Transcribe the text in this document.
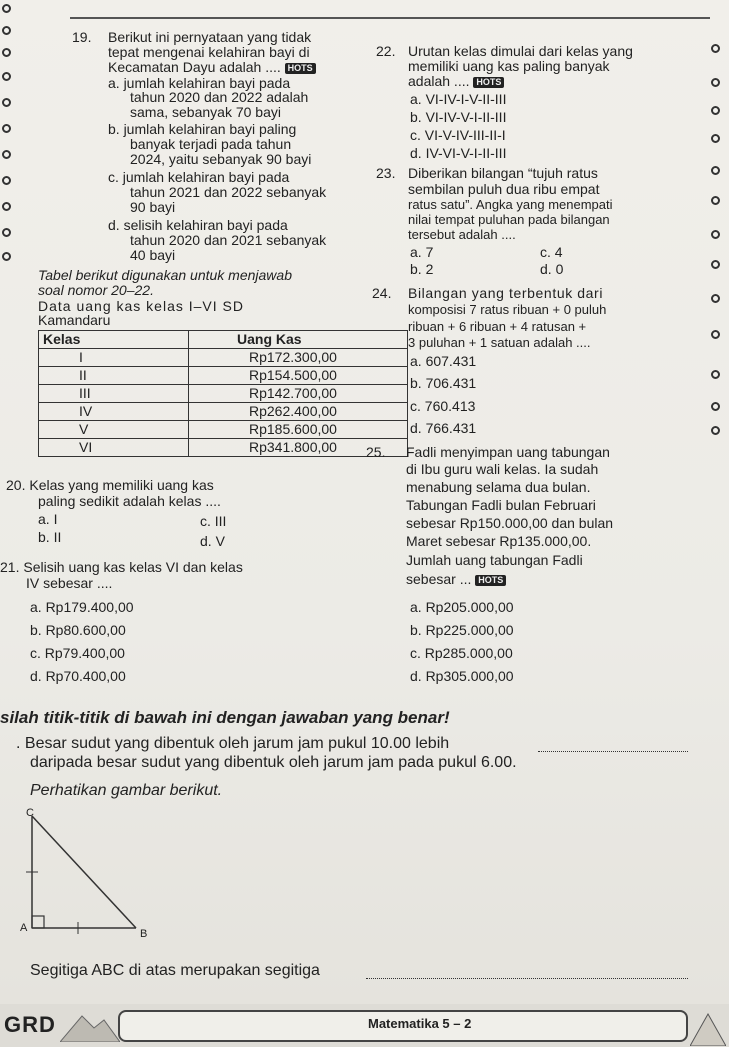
19. Berikut ini pernyataan yang tidak
tepat mengenai kelahiran bayi di
Kecamatan Dayu adalah .... HOTS
a. jumlah kelahiran bayi pada
tahun 2020 dan 2022 adalah
sama, sebanyak 70 bayi
b. jumlah kelahiran bayi paling
banyak terjadi pada tahun
2024, yaitu sebanyak 90 bayi
c. jumlah kelahiran bayi pada
tahun 2021 dan 2022 sebanyak
90 bayi
d. selisih kelahiran bayi pada
tahun 2020 dan 2021 sebanyak
40 bayi
Tabel berikut digunakan untuk menjawab
soal nomor 20–22.
Data uang kas kelas I–VI SD
Kamandaru
Kelas	Uang Kas
I	Rp172.300,00
II	Rp154.500,00
III	Rp142.700,00
IV	Rp262.400,00
V	Rp185.600,00
VI	Rp341.800,00
20. Kelas yang memiliki uang kas
paling sedikit adalah kelas ....
a. I	c. III
b. II	d. V
21. Selisih uang kas kelas VI dan kelas
IV sebesar ....
a. Rp179.400,00
b. Rp80.600,00
c. Rp79.400,00
d. Rp70.400,00
22. Urutan kelas dimulai dari kelas yang
memiliki uang kas paling banyak
adalah .... HOTS
a. VI-IV-I-V-II-III
b. VI-IV-V-I-II-III
c. VI-V-IV-III-II-I
d. IV-VI-V-I-II-III
23. Diberikan bilangan “tujuh ratus
sembilan puluh dua ribu empat
ratus satu”. Angka yang menempati
nilai tempat puluhan pada bilangan
tersebut adalah ....
a. 7	c. 4
b. 2	d. 0
24. Bilangan yang terbentuk dari
komposisi 7 ratus ribuan + 0 puluh
ribuan + 6 ribuan + 4 ratusan +
3 puluhan + 1 satuan adalah ....
a. 607.431
b. 706.431
c. 760.413
d. 766.431
25. Fadli menyimpan uang tabungan
di Ibu guru wali kelas. Ia sudah
menabung selama dua bulan.
Tabungan Fadli bulan Februari
sebesar Rp150.000,00 dan bulan
Maret sebesar Rp135.000,00.
Jumlah uang tabungan Fadli
sebesar ... HOTS
a. Rp205.000,00
b. Rp225.000,00
c. Rp285.000,00
d. Rp305.000,00
silah titik-titik di bawah ini dengan jawaban yang benar!
. Besar sudut yang dibentuk oleh jarum jam pukul 10.00 lebih
daripada besar sudut yang dibentuk oleh jarum jam pada pukul 6.00.
Perhatikan gambar berikut.
C
A	B
Segitiga ABC di atas merupakan segitiga
GRD	Matematika 5 – 2
